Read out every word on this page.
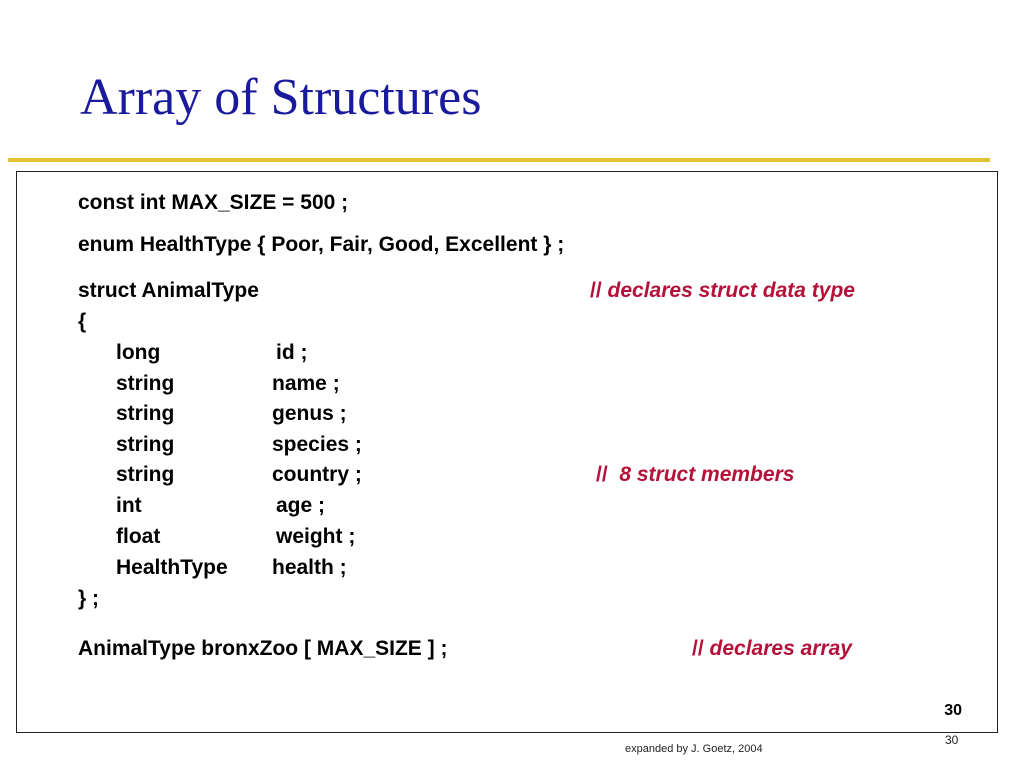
Array of Structures
const int MAX_SIZE = 500 ;
enum HealthType { Poor, Fair, Good, Excellent } ;
struct AnimalType	// declares struct data type
{
long	id ;
string	name ;
string	genus ;
string	species ;
string	country ;	// 8 struct members
int	age ;
float	weight ;
HealthType health ;
} ;
AnimalType bronxZoo [ MAX_SIZE ] ;	// declares array
30
30
expanded by J. Goetz, 2004
